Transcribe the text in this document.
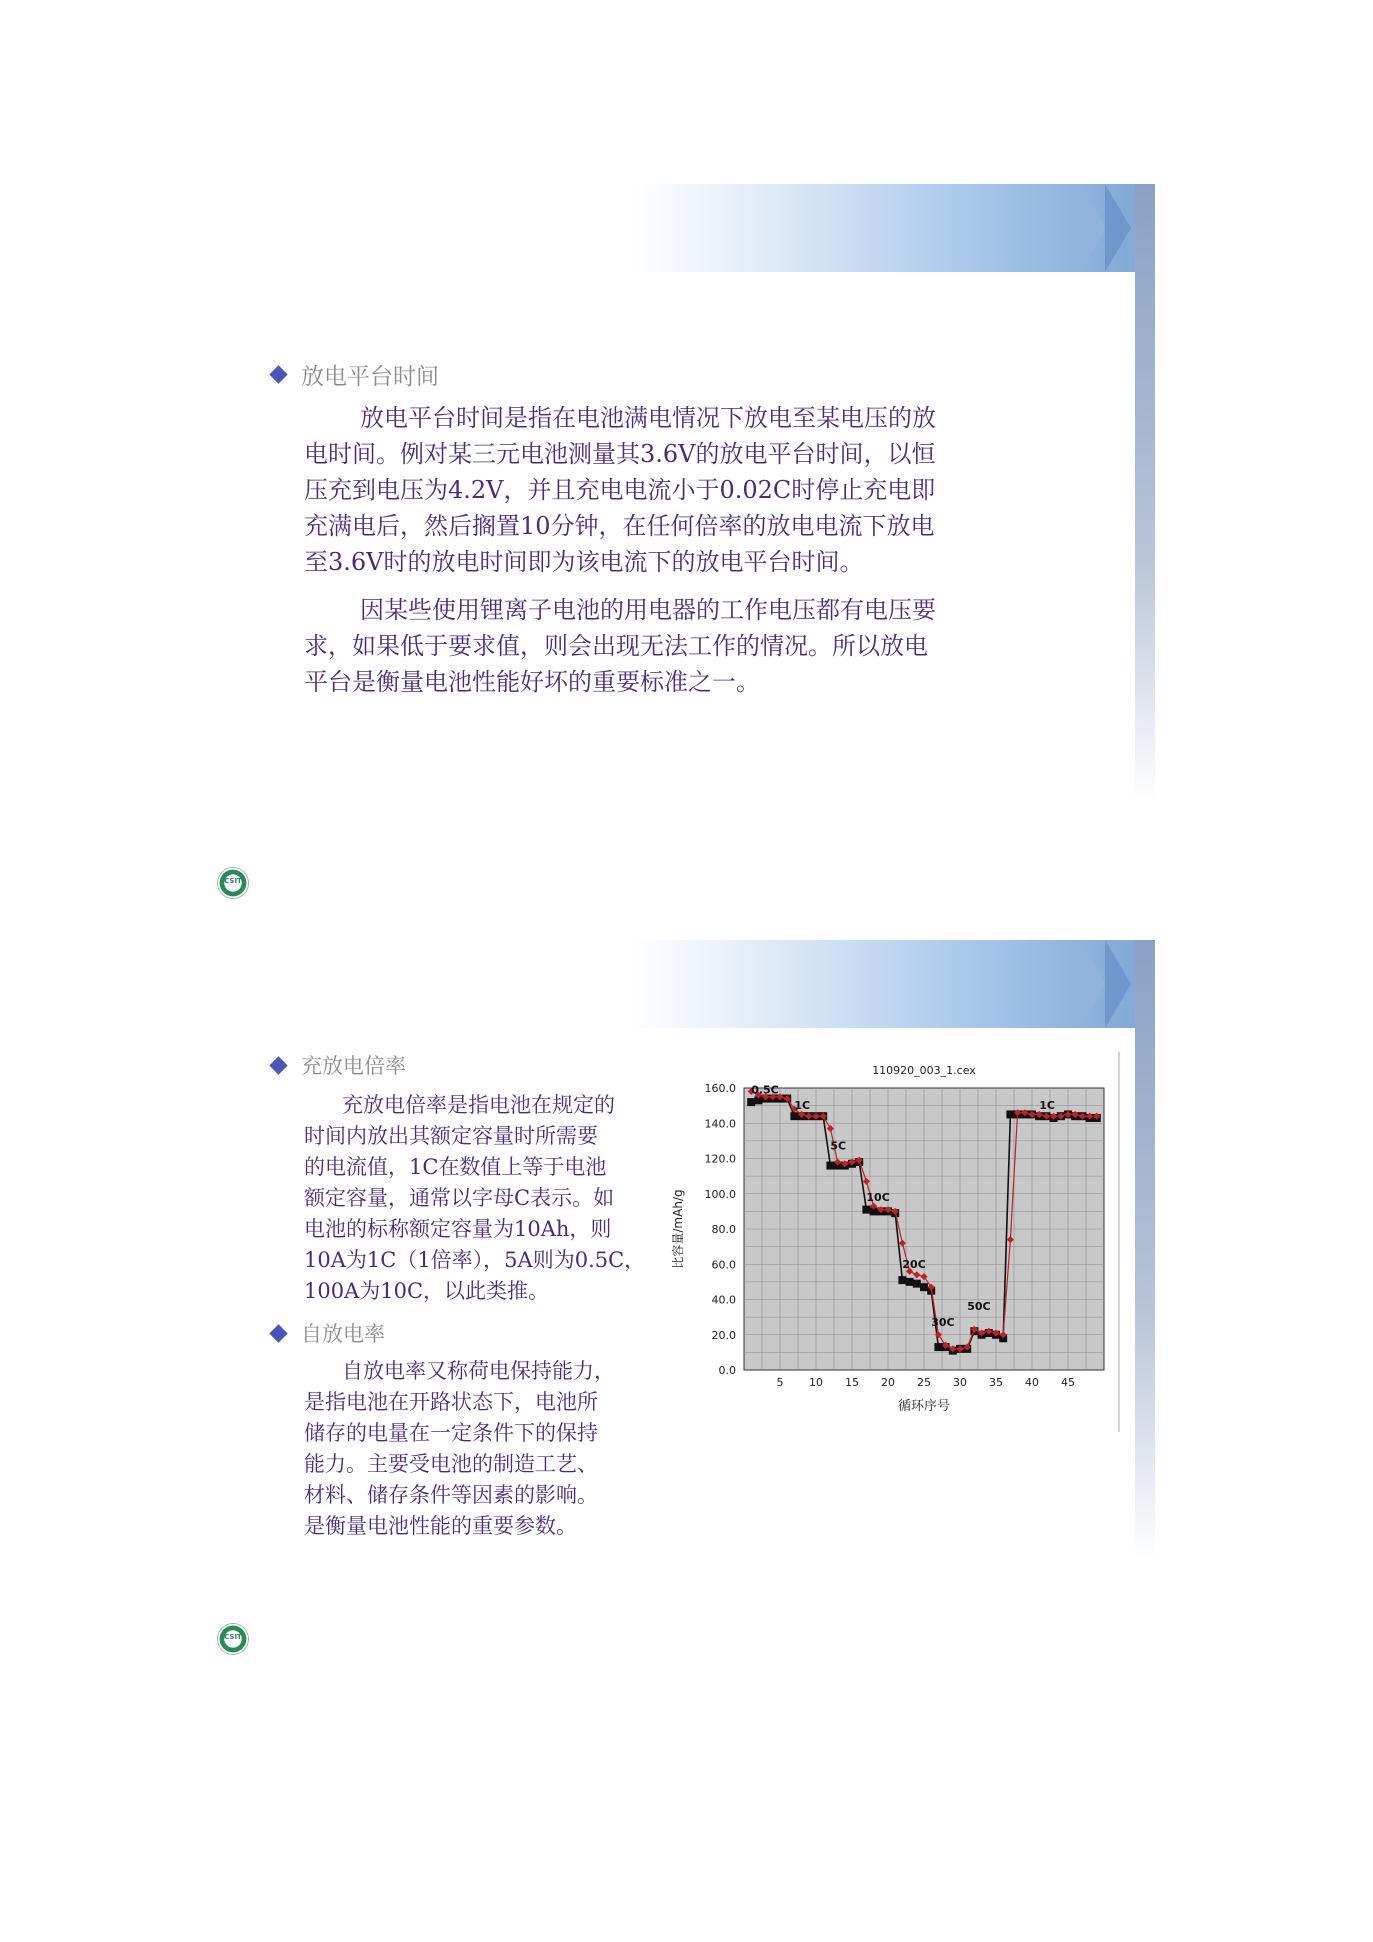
放电平台时间
放电平台时间是指在电池满电情况下放电至某电压的放
电时间。例对某三元电池测量其3.6V的放电平台时间，以恒
压充到电压为4.2V，并且充电电流小于0.02C时停止充电即
充满电后，然后搁置10分钟，在任何倍率的放电电流下放电
至3.6V时的放电时间即为该电流下的放电平台时间。
因某些使用锂离子电池的用电器的工作电压都有电压要
求，如果低于要求值，则会出现无法工作的情况。所以放电
平台是衡量电池性能好坏的重要标准之一。
CSIT
充放电倍率
充放电倍率是指电池在规定的
时间内放出其额定容量时所需要
的电流值，1C在数值上等于电池
额定容量，通常以字母C表示。如
电池的标称额定容量为10Ah，则
10A为1C（1倍率），5A则为0.5C，
100A为10C，以此类推。
自放电率
自放电率又称荷电保持能力，
是指电池在开路状态下，电池所
储存的电量在一定条件下的保持
能力。主要受电池的制造工艺、
材料、储存条件等因素的影响。
是衡量电池性能的重要参数。
110920_003_1.cex
0.0
20.0
40.0
60.0
80.0
100.0
120.0
140.0
160.0
5 10 15 20 25 30 35 40 45
循环序号
比容量/mAh/g
0.5C
1C
5C
10C
20C
30C
50C
1C
CSIT
